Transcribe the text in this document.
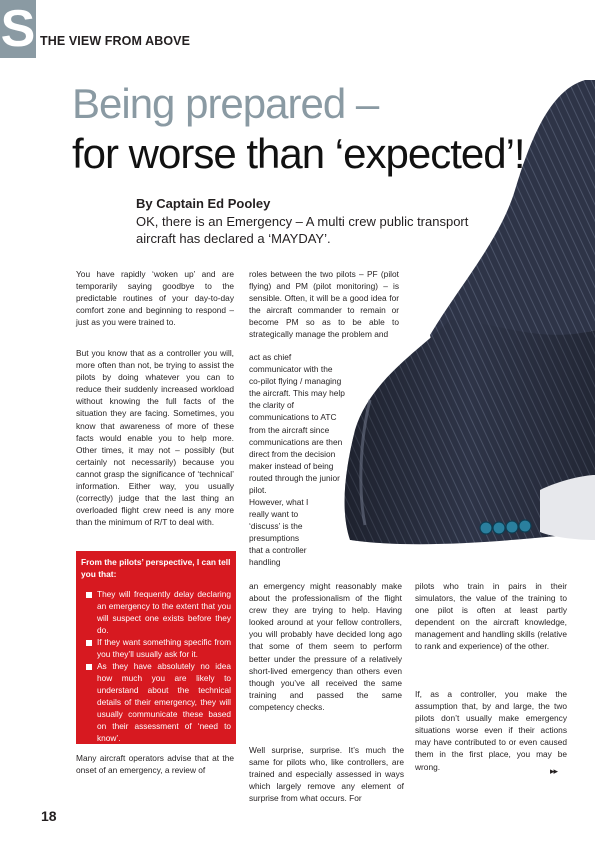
S THE VIEW FROM ABOVE
Being prepared –
for worse than ‘expected’!
By Captain Ed Pooley
OK, there is an Emergency – A multi crew public transport aircraft has declared a ‘MAYDAY’.
You have rapidly ‘woken up’ and are temporarily saying goodbye to the predictable routines of your day-to-day comfort zone and beginning to respond – just as you were trained to.
But you know that as a controller you will, more often than not, be trying to assist the pilots by doing whatever you can to reduce their suddenly increased workload without knowing the full facts of the situation they are facing. Sometimes, you know that awareness of more of these facts would enable you to help more. Other times, it may not – possibly (but certainly not necessarily) because you cannot grasp the significance of ‘technical’ information. Either way, you usually (correctly) judge that the last thing an overloaded flight crew need is any more than the minimum of R/T to deal with.
From the pilots’ perspective, I can tell you that:
They will frequently delay declaring an emergency to the extent that you will suspect one exists before they do.
If they want something specific from you they’ll usually ask for it.
As they have absolutely no idea how much you are likely to understand about the technical details of their emergency, they will usually communicate these based on their assessment of ‘need to know’.
Many aircraft operators advise that at the onset of an emergency, a review of
roles between the two pilots – PF (pilot flying) and PM (pilot monitoring) – is sensible. Often, it will be a good idea for the aircraft commander to remain or become PM so as to be able to strategically manage the problem and
act as chief communicator with the co-pilot flying / managing the aircraft. This may help the clarity of communications to ATC from the aircraft since communications are then direct from the decision maker instead of being routed through the junior pilot.
However, what I really want to ‘discuss’ is the presumptions that a controller handling
an emergency might reasonably make about the professionalism of the flight crew they are trying to help. Having looked around at your fellow controllers, you will probably have decided long ago that some of them seem to perform better under the pressure of a relatively short-lived emergency than others even though you’ve all received the same training and passed the same competency checks.
Well surprise, surprise. It’s much the same for pilots who, like controllers, are trained and especially assessed in ways which largely remove any element of surprise from what occurs. For
pilots who train in pairs in their simulators, the value of the training to one pilot is often at least partly dependent on the aircraft knowledge, management and handling skills (relative to rank and experience) of the other.
If, as a controller, you make the assumption that, by and large, the two pilots don’t usually make emergency situations worse even if their actions may have contributed to or even caused them in the first place, you may be wrong.	▸▸
18
